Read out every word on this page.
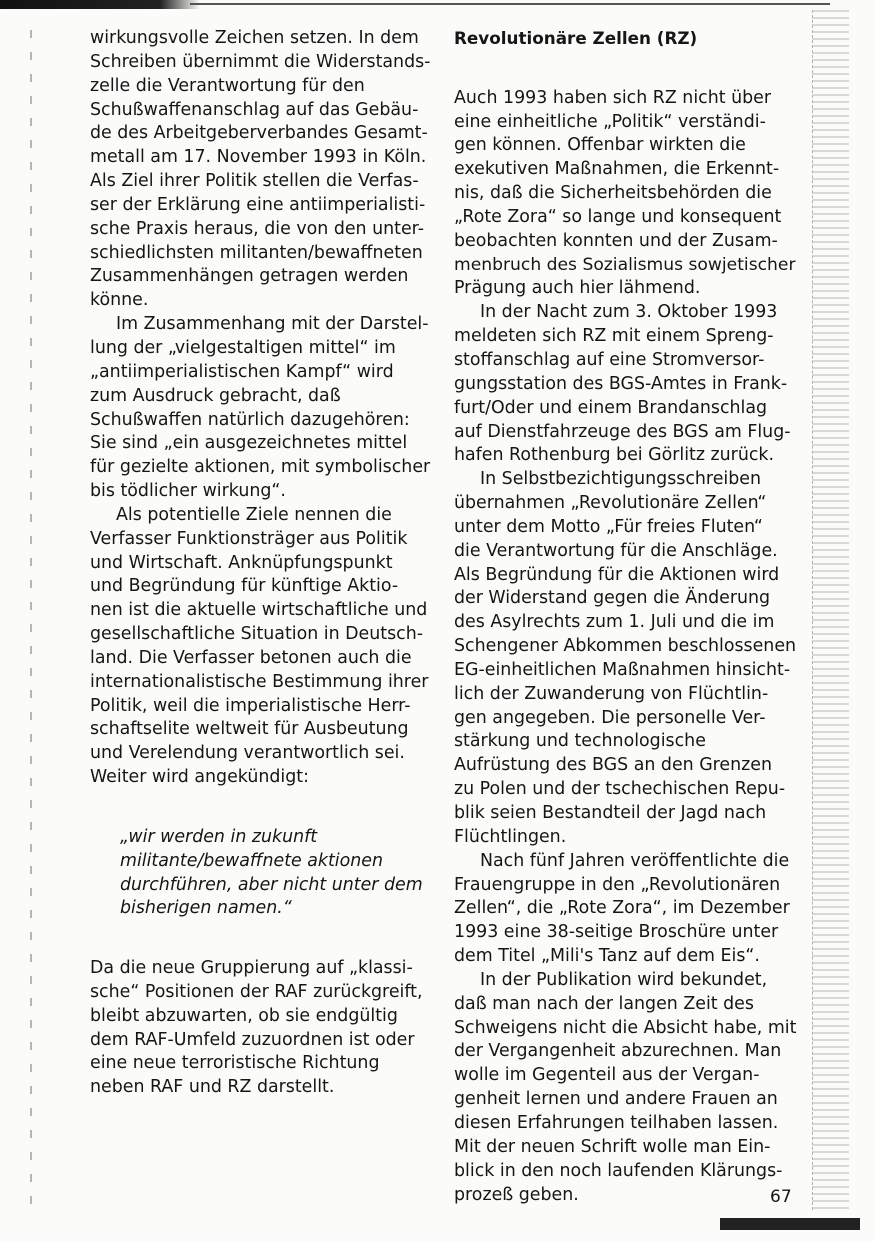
wirkungsvolle Zeichen setzen. In dem
Schreiben übernimmt die Widerstands-
zelle die Verantwortung für den
Schußwaffenanschlag auf das Gebäu-
de des Arbeitgeberverbandes Gesamt-
metall am 17. November 1993 in Köln.
Als Ziel ihrer Politik stellen die Verfas-
ser der Erklärung eine antiimperialisti-
sche Praxis heraus, die von den unter-
schiedlichsten militanten/bewaffneten
Zusammenhängen getragen werden
könne.
Im Zusammenhang mit der Darstel-
lung der „vielgestaltigen mittel“ im
„antiimperialistischen Kampf“ wird
zum Ausdruck gebracht, daß
Schußwaffen natürlich dazugehören:
Sie sind „ein ausgezeichnetes mittel
für gezielte aktionen, mit symbolischer
bis tödlicher wirkung“.
Als potentielle Ziele nennen die
Verfasser Funktionsträger aus Politik
und Wirtschaft. Anknüpfungspunkt
und Begründung für künftige Aktio-
nen ist die aktuelle wirtschaftliche und
gesellschaftliche Situation in Deutsch-
land. Die Verfasser betonen auch die
internationalistische Bestimmung ihrer
Politik, weil die imperialistische Herr-
schaftselite weltweit für Ausbeutung
und Verelendung verantwortlich sei.
Weiter wird angekündigt:
„wir werden in zukunft
militante/bewaffnete aktionen
durchführen, aber nicht unter dem
bisherigen namen.“
Da die neue Gruppierung auf „klassi-
sche“ Positionen der RAF zurückgreift,
bleibt abzuwarten, ob sie endgültig
dem RAF-Umfeld zuzuordnen ist oder
eine neue terroristische Richtung
neben RAF und RZ darstellt.
Revolutionäre Zellen (RZ)
Auch 1993 haben sich RZ nicht über
eine einheitliche „Politik“ verständi-
gen können. Offenbar wirkten die
exekutiven Maßnahmen, die Erkennt-
nis, daß die Sicherheitsbehörden die
„Rote Zora“ so lange und konsequent
beobachten konnten und der Zusam-
menbruch des Sozialismus sowjetischer
Prägung auch hier lähmend.
In der Nacht zum 3. Oktober 1993
meldeten sich RZ mit einem Spreng-
stoffanschlag auf eine Stromversor-
gungsstation des BGS-Amtes in Frank-
furt/Oder und einem Brandanschlag
auf Dienstfahrzeuge des BGS am Flug-
hafen Rothenburg bei Görlitz zurück.
In Selbstbezichtigungsschreiben
übernahmen „Revolutionäre Zellen“
unter dem Motto „Für freies Fluten“
die Verantwortung für die Anschläge.
Als Begründung für die Aktionen wird
der Widerstand gegen die Änderung
des Asylrechts zum 1. Juli und die im
Schengener Abkommen beschlossenen
EG-einheitlichen Maßnahmen hinsicht-
lich der Zuwanderung von Flüchtlin-
gen angegeben. Die personelle Ver-
stärkung und technologische
Aufrüstung des BGS an den Grenzen
zu Polen und der tschechischen Repu-
blik seien Bestandteil der Jagd nach
Flüchtlingen.
Nach fünf Jahren veröffentlichte die
Frauengruppe in den „Revolutionären
Zellen“, die „Rote Zora“, im Dezember
1993 eine 38-seitige Broschüre unter
dem Titel „Mili's Tanz auf dem Eis“.
In der Publikation wird bekundet,
daß man nach der langen Zeit des
Schweigens nicht die Absicht habe, mit
der Vergangenheit abzurechnen. Man
wolle im Gegenteil aus der Vergan-
genheit lernen und andere Frauen an
diesen Erfahrungen teilhaben lassen.
Mit der neuen Schrift wolle man Ein-
blick in den noch laufenden Klärungs-
prozeß geben.	67
